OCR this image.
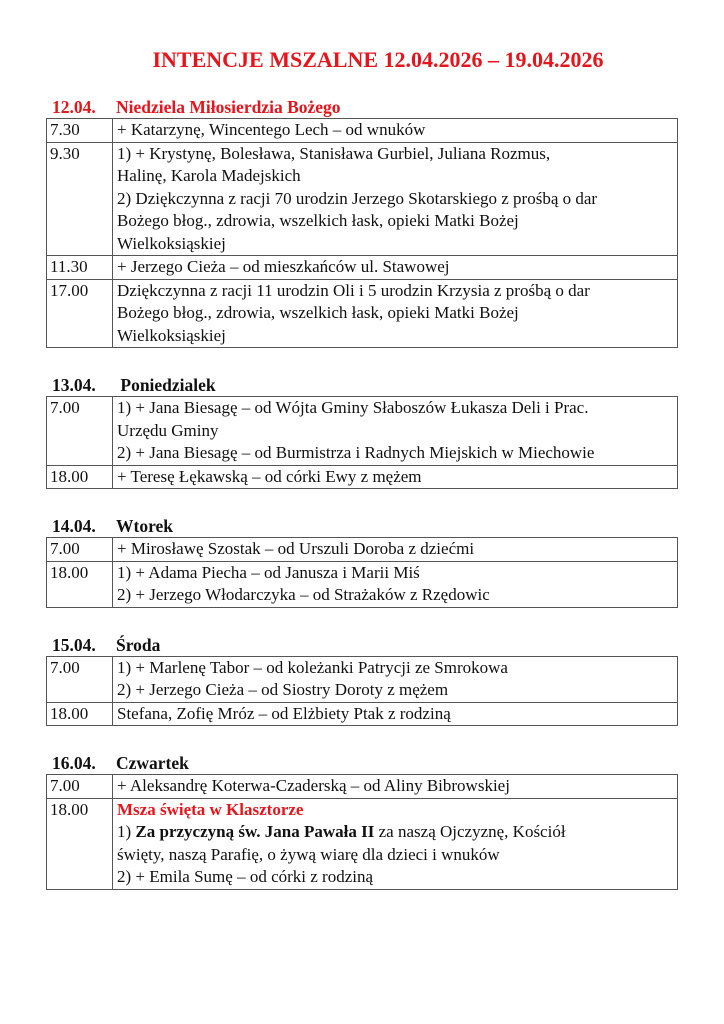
INTENCJE MSZALNE 12.04.2026 – 19.04.2026
12.04. Niedziela Miłosierdzia Bożego
7.30	+ Katarzynę, Wincentego Lech – od wnuków

9.30	1) + Krystynę, Bolesława, Stanisława Gurbiel, Juliana Rozmus,
Halinę, Karola Madejskich
2) Dziękczynna z racji 70 urodzin Jerzego Skotarskiego z prośbą o dar
Bożego błog., zdrowia, wszelkich łask, opieki Matki Bożej
Wielkoksiąskiej

11.30	+ Jerzego Cieża – od mieszkańców ul. Stawowej

17.00	Dziękczynna z racji 11 urodzin Oli i 5 urodzin Krzysia z prośbą o dar
Bożego błog., zdrowia, wszelkich łask, opieki Matki Bożej
Wielkoksiąskiej
13.04. Poniedzialek
7.00	1) + Jana Biesagę – od Wójta Gminy Słaboszów Łukasza Deli i Prac.
Urzędu Gminy
2) + Jana Biesagę – od Burmistrza i Radnych Miejskich w Miechowie

18.00	+ Teresę Łękawską – od córki Ewy z mężem
14.04. Wtorek
7.00	+ Mirosławę Szostak – od Urszuli Doroba z dziećmi

18.00	1) + Adama Piecha – od Janusza i Marii Miś
2) + Jerzego Włodarczyka – od Strażaków z Rzędowic
15.04. Środa
7.00	1) + Marlenę Tabor – od koleżanki Patrycji ze Smrokowa
2) + Jerzego Cieża – od Siostry Doroty z mężem

18.00	Stefana, Zofię Mróz – od Elżbiety Ptak z rodziną
16.04. Czwartek
7.00	+ Aleksandrę Koterwa-Czaderską – od Aliny Bibrowskiej

18.00	Msza święta w Klasztorze
1) Za przyczyną św. Jana Pawała II za naszą Ojczyznę, Kościół
święty, naszą Parafię, o żywą wiarę dla dzieci i wnuków
2) + Emila Sumę – od córki z rodziną
